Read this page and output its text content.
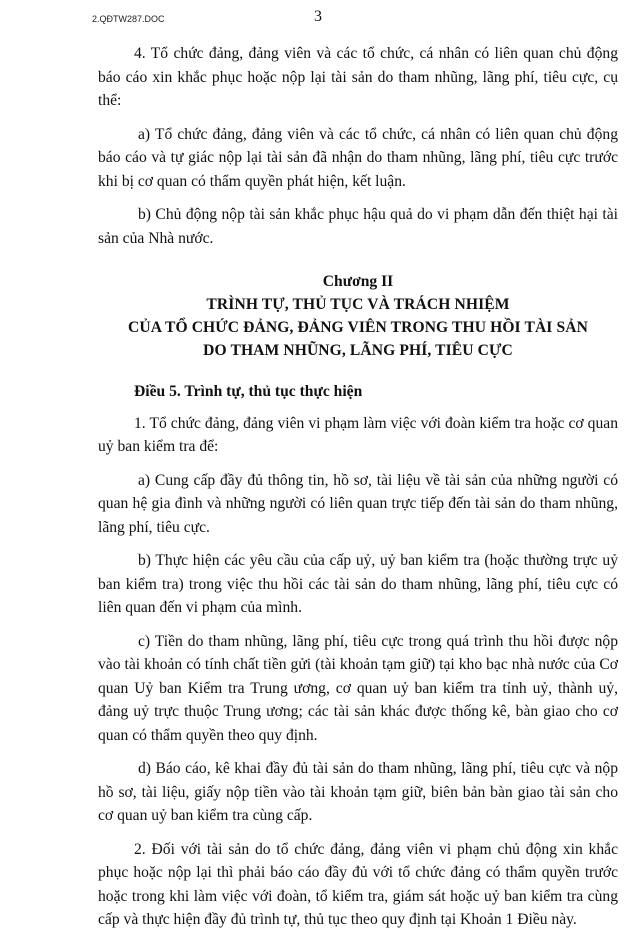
2.QĐTW287.DOC	3

4. Tổ chức đảng, đảng viên và các tổ chức, cá nhân có liên quan chủ động báo cáo xin khắc phục hoặc nộp lại tài sản do tham nhũng, lãng phí, tiêu cực, cụ thể:

a) Tổ chức đảng, đảng viên và các tổ chức, cá nhân có liên quan chủ động báo cáo và tự giác nộp lại tài sản đã nhận do tham nhũng, lãng phí, tiêu cực trước khi bị cơ quan có thẩm quyền phát hiện, kết luận.

b) Chủ động nộp tài sản khắc phục hậu quả do vi phạm dẫn đến thiệt hại tài sản của Nhà nước.

Chương II
TRÌNH TỰ, THỦ TỤC VÀ TRÁCH NHIỆM
CỦA TỔ CHỨC ĐẢNG, ĐẢNG VIÊN TRONG THU HỒI TÀI SẢN
DO THAM NHŨNG, LÃNG PHÍ, TIÊU CỰC

Điều 5. Trình tự, thủ tục thực hiện

1. Tổ chức đảng, đảng viên vi phạm làm việc với đoàn kiểm tra hoặc cơ quan uỷ ban kiểm tra để:

a) Cung cấp đầy đủ thông tin, hồ sơ, tài liệu về tài sản của những người có quan hệ gia đình và những người có liên quan trực tiếp đến tài sản do tham nhũng, lãng phí, tiêu cực.

b) Thực hiện các yêu cầu của cấp uỷ, uỷ ban kiểm tra (hoặc thường trực uỷ ban kiểm tra) trong việc thu hồi các tài sản do tham nhũng, lãng phí, tiêu cực có liên quan đến vi phạm của mình.

c) Tiền do tham nhũng, lãng phí, tiêu cực trong quá trình thu hồi được nộp vào tài khoản có tính chất tiền gửi (tài khoản tạm giữ) tại kho bạc nhà nước của Cơ quan Uỷ ban Kiểm tra Trung ương, cơ quan uỷ ban kiểm tra tỉnh uỷ, thành uỷ, đảng uỷ trực thuộc Trung ương; các tài sản khác được thống kê, bàn giao cho cơ quan có thẩm quyền theo quy định.

d) Báo cáo, kê khai đầy đủ tài sản do tham nhũng, lãng phí, tiêu cực và nộp hồ sơ, tài liệu, giấy nộp tiền vào tài khoản tạm giữ, biên bản bàn giao tài sản cho cơ quan uỷ ban kiểm tra cùng cấp.

2. Đối với tài sản do tổ chức đảng, đảng viên vi phạm chủ động xin khắc phục hoặc nộp lại thì phải báo cáo đầy đủ với tổ chức đảng có thẩm quyền trước hoặc trong khi làm việc với đoàn, tổ kiểm tra, giám sát hoặc uỷ ban kiểm tra cùng cấp và thực hiện đầy đủ trình tự, thủ tục theo quy định tại Khoản 1 Điều này.
